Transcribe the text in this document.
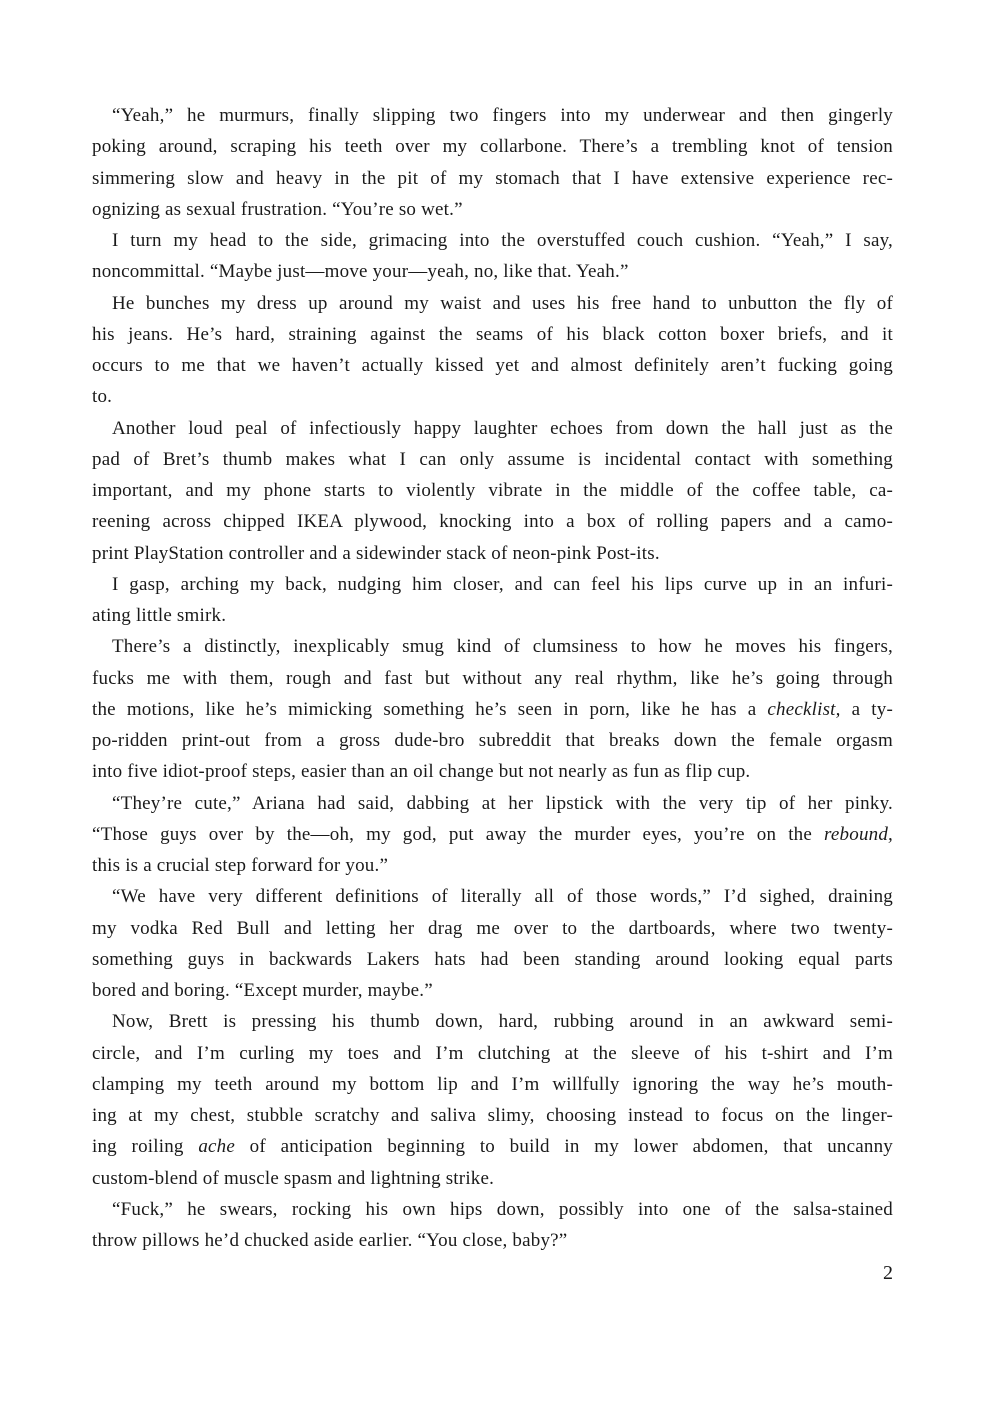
“Yeah,” he murmurs, finally slipping two fingers into my underwear and then gingerly
poking around, scraping his teeth over my collarbone. There’s a trembling knot of tension
simmering slow and heavy in the pit of my stomach that I have extensive experience rec-
ognizing as sexual frustration. “You’re so wet.”
I turn my head to the side, grimacing into the overstuffed couch cushion. “Yeah,” I say,
noncommittal. “Maybe just—move your—yeah, no, like that. Yeah.”
He bunches my dress up around my waist and uses his free hand to unbutton the fly of
his jeans. He’s hard, straining against the seams of his black cotton boxer briefs, and it
occurs to me that we haven’t actually kissed yet and almost definitely aren’t fucking going
to.
Another loud peal of infectiously happy laughter echoes from down the hall just as the
pad of Bret’s thumb makes what I can only assume is incidental contact with something
important, and my phone starts to violently vibrate in the middle of the coffee table, ca-
reening across chipped IKEA plywood, knocking into a box of rolling papers and a camo-
print PlayStation controller and a sidewinder stack of neon-pink Post-its.
I gasp, arching my back, nudging him closer, and can feel his lips curve up in an infuri-
ating little smirk.
There’s a distinctly, inexplicably smug kind of clumsiness to how he moves his fingers,
fucks me with them, rough and fast but without any real rhythm, like he’s going through
the motions, like he’s mimicking something he’s seen in porn, like he has a checklist, a ty-
po-ridden print-out from a gross dude-bro subreddit that breaks down the female orgasm
into five idiot-proof steps, easier than an oil change but not nearly as fun as flip cup.
“They’re cute,” Ariana had said, dabbing at her lipstick with the very tip of her pinky.
“Those guys over by the—oh, my god, put away the murder eyes, you’re on the rebound,
this is a crucial step forward for you.”
“We have very different definitions of literally all of those words,” I’d sighed, draining
my vodka Red Bull and letting her drag me over to the dartboards, where two twenty-
something guys in backwards Lakers hats had been standing around looking equal parts
bored and boring. “Except murder, maybe.”
Now, Brett is pressing his thumb down, hard, rubbing around in an awkward semi-
circle, and I’m curling my toes and I’m clutching at the sleeve of his t-shirt and I’m
clamping my teeth around my bottom lip and I’m willfully ignoring the way he’s mouth-
ing at my chest, stubble scratchy and saliva slimy, choosing instead to focus on the linger-
ing roiling ache of anticipation beginning to build in my lower abdomen, that uncanny
custom-blend of muscle spasm and lightning strike.
“Fuck,” he swears, rocking his own hips down, possibly into one of the salsa-stained
throw pillows he’d chucked aside earlier. “You close, baby?”
2
